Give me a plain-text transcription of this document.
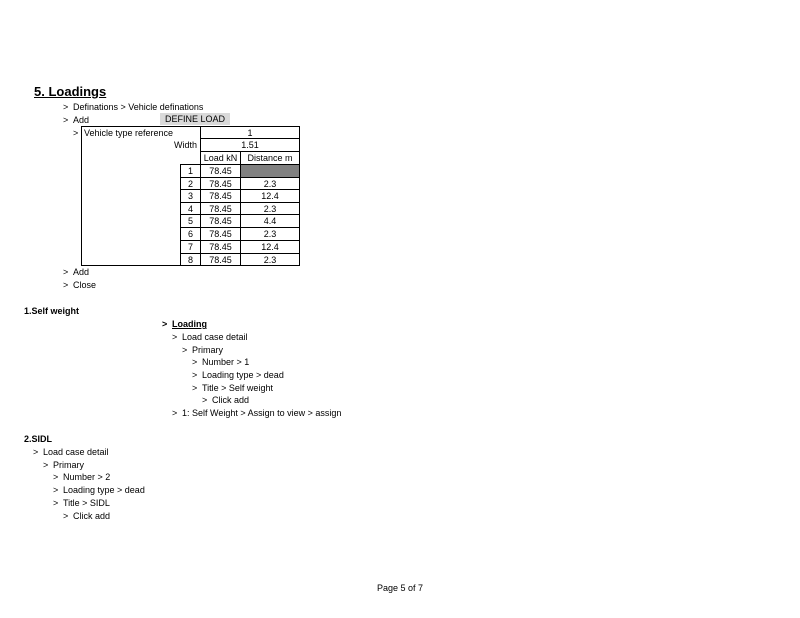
5. Loadings
> Definations > Vehicle definations
> Add	DEFINE LOAD
> Vehicle type reference	1
Width	1.51
Load kN	Distance m
1	78.45
2	78.45	2.3
3	78.45	12.4
4	78.45	2.3
5	78.45	4.4
6	78.45	2.3
7	78.45	12.4
8	78.45	2.3
> Add
> Close
1.Self weight
> Loading
> Load case detail
> Primary
> Number > 1
> Loading type > dead
> Title > Self weight
> Click add
> 1: Self Weight > Assign to view > assign
2.SIDL
> Load case detail
> Primary
> Number > 2
> Loading type > dead
> Title > SIDL
> Click add
Page 5 of 7
